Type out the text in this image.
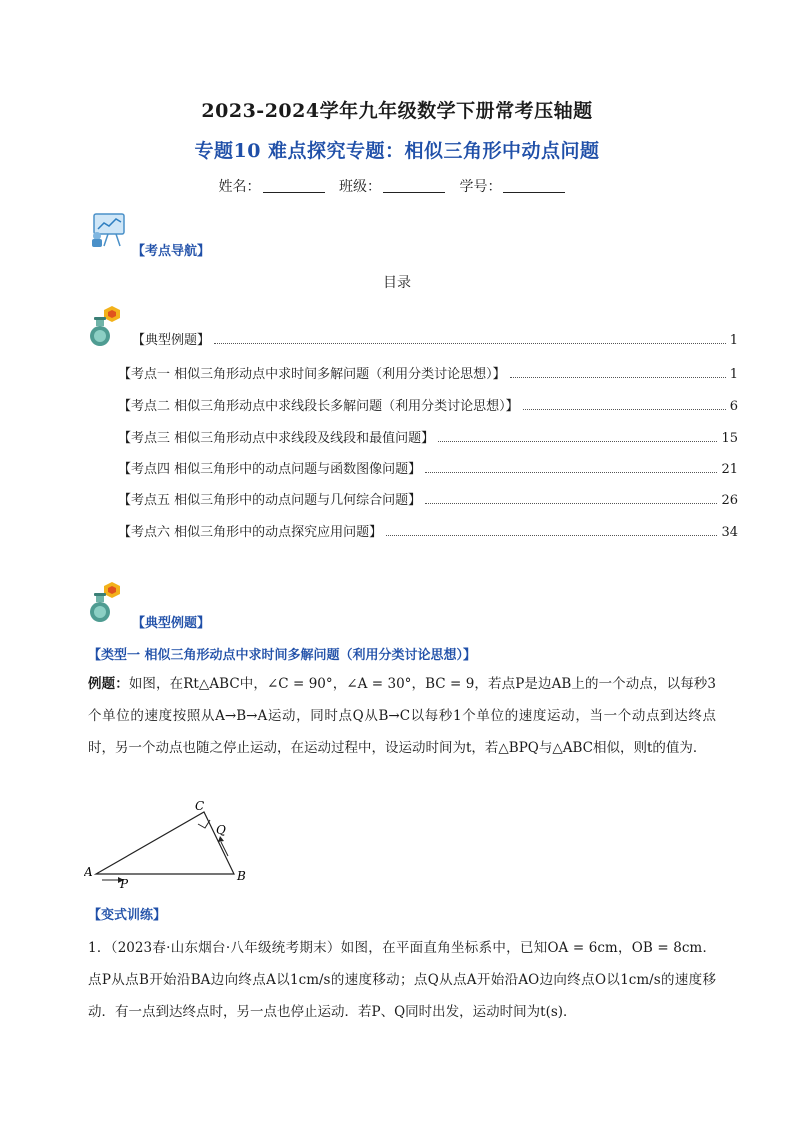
2023-2024学年九年级数学下册常考压轴题
专题10 难点探究专题：相似三角形中动点问题
姓名：	班级：	学号：
【考点导航】
目录
【典型例题】	1
【考点一 相似三角形动点中求时间多解问题（利用分类讨论思想）】	1
【考点二 相似三角形动点中求线段长多解问题（利用分类讨论思想）】	6
【考点三 相似三角形动点中求线段及线段和最值问题】	15
【考点四 相似三角形中的动点问题与函数图像问题】	21
【考点五 相似三角形中的动点问题与几何综合问题】	26
【考点六 相似三角形中的动点探究应用问题】	34
【典型例题】
【类型一 相似三角形动点中求时间多解问题（利用分类讨论思想）】
例题：如图，在Rt△ABC中，∠C = 90°，∠A = 30°，BC = 9，若点P是边AB上的一个动点，以每秒3个单位的速度按照从A→B→A运动，同时点Q从B→C以每秒1个单位的速度运动，当一个动点到达终点时，另一个动点也随之停止运动，在运动过程中，设运动时间为t，若△BPQ与△ABC相似，则t的值为．
A	B
C
P
Q
【变式训练】
1．（2023春·山东烟台·八年级统考期末）如图，在平面直角坐标系中，已知OA = 6cm，OB = 8cm．点P从点B开始沿BA边向终点A以1cm/s的速度移动；点Q从点A开始沿AO边向终点O以1cm/s的速度移动．有一点到达终点时，另一点也停止运动．若P、Q同时出发，运动时间为t(s)．
